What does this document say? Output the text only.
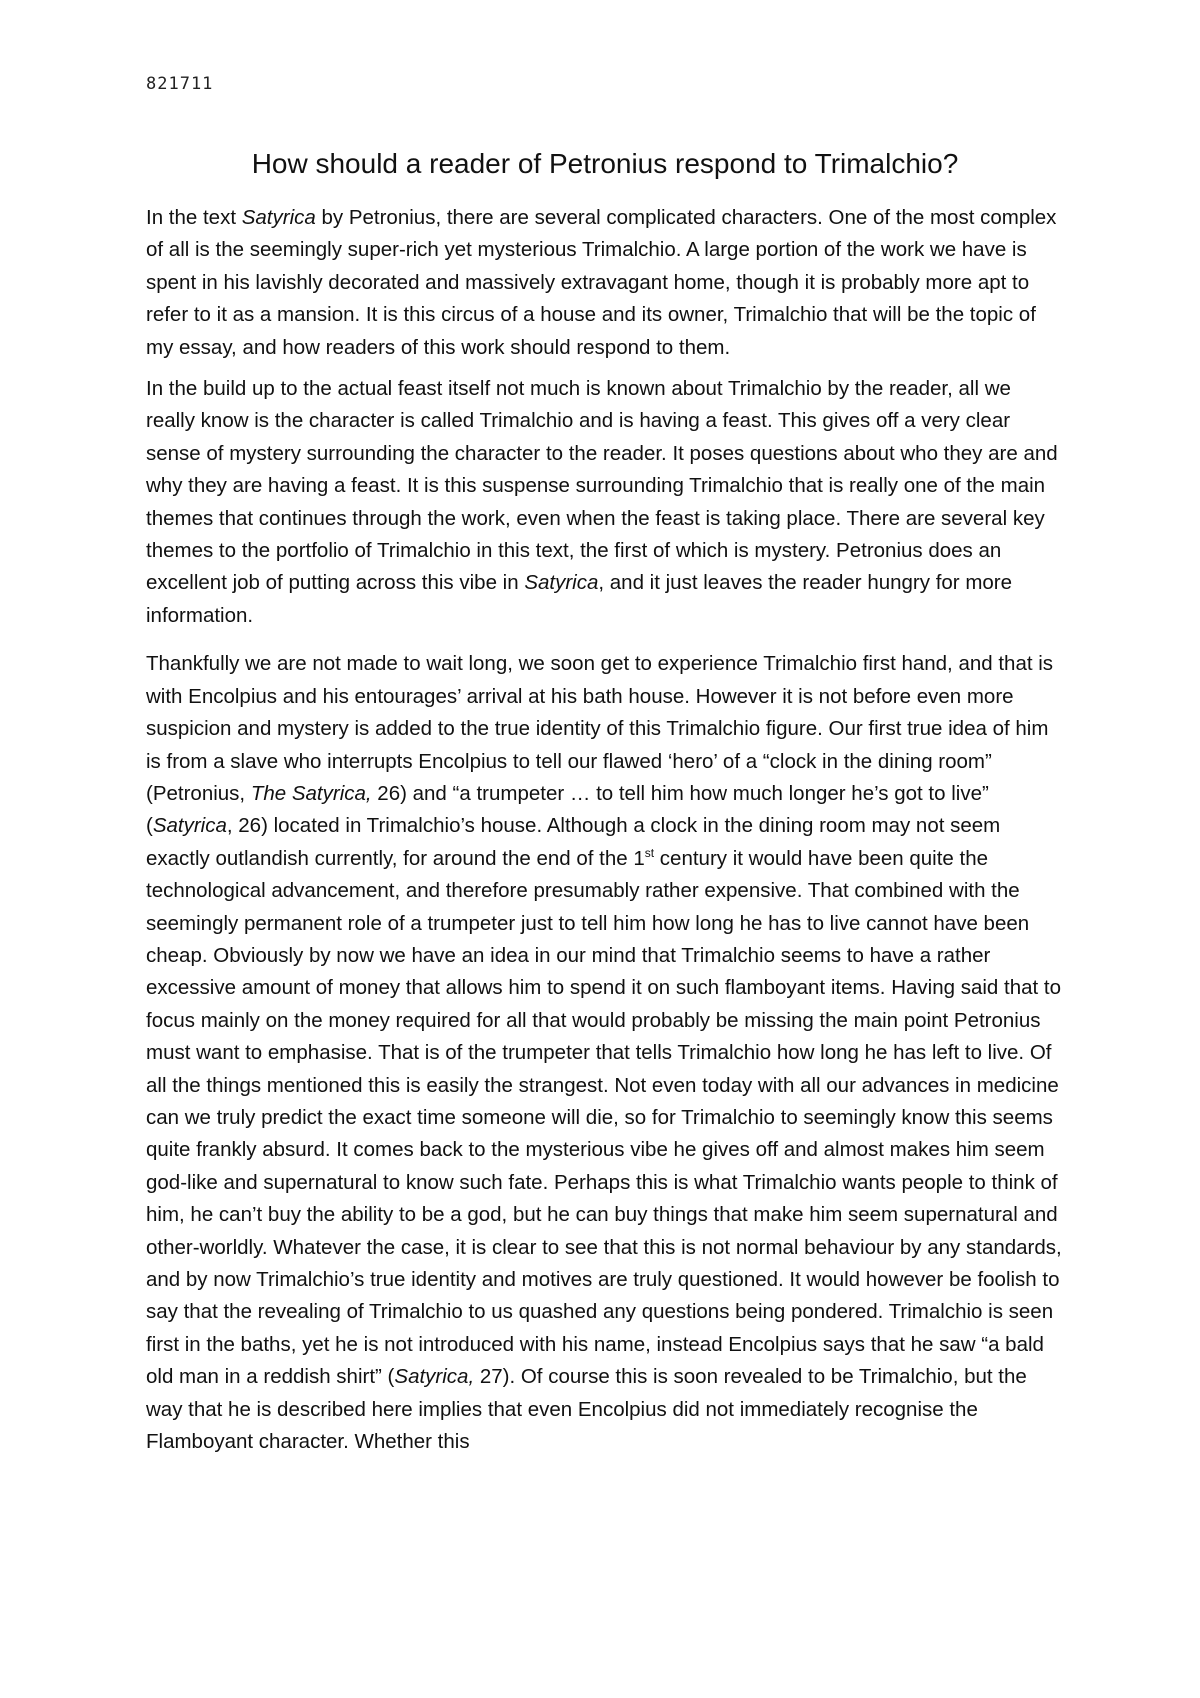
821711
How should a reader of Petronius respond to Trimalchio?

In the text Satyrica by Petronius, there are several complicated characters. One of the most complex of all is the seemingly super-rich yet mysterious Trimalchio. A large portion of the work we have is spent in his lavishly decorated and massively extravagant home, though it is probably more apt to refer to it as a mansion. It is this circus of a house and its owner, Trimalchio that will be the topic of my essay, and how readers of this work should respond to them.

In the build up to the actual feast itself not much is known about Trimalchio by the reader, all we really know is the character is called Trimalchio and is having a feast. This gives off a very clear sense of mystery surrounding the character to the reader. It poses questions about who they are and why they are having a feast. It is this suspense surrounding Trimalchio that is really one of the main themes that continues through the work, even when the feast is taking place. There are several key themes to the portfolio of Trimalchio in this text, the first of which is mystery. Petronius does an excellent job of putting across this vibe in Satyrica, and it just leaves the reader hungry for more information.

Thankfully we are not made to wait long, we soon get to experience Trimalchio first hand, and that is with Encolpius and his entourages’ arrival at his bath house. However it is not before even more suspicion and mystery is added to the true identity of this Trimalchio figure. Our first true idea of him is from a slave who interrupts Encolpius to tell our flawed ‘hero’ of a “clock in the dining room” (Petronius, The Satyrica, 26) and “a trumpeter … to tell him how much longer he’s got to live” (Satyrica, 26) located in Trimalchio’s house. Although a clock in the dining room may not seem exactly outlandish currently, for around the end of the 1st century it would have been quite the technological advancement, and therefore presumably rather expensive. That combined with the seemingly permanent role of a trumpeter just to tell him how long he has to live cannot have been cheap. Obviously by now we have an idea in our mind that Trimalchio seems to have a rather excessive amount of money that allows him to spend it on such flamboyant items. Having said that to focus mainly on the money required for all that would probably be missing the main point Petronius must want to emphasise. That is of the trumpeter that tells Trimalchio how long he has left to live. Of all the things mentioned this is easily the strangest. Not even today with all our advances in medicine can we truly predict the exact time someone will die, so for Trimalchio to seemingly know this seems quite frankly absurd. It comes back to the mysterious vibe he gives off and almost makes him seem god-like and supernatural to know such fate. Perhaps this is what Trimalchio wants people to think of him, he can’t buy the ability to be a god, but he can buy things that make him seem supernatural and other-worldly. Whatever the case, it is clear to see that this is not normal behaviour by any standards, and by now Trimalchio’s true identity and motives are truly questioned. It would however be foolish to say that the revealing of Trimalchio to us quashed any questions being pondered. Trimalchio is seen first in the baths, yet he is not introduced with his name, instead Encolpius says that he saw “a bald old man in a reddish shirt” (Satyrica, 27). Of course this is soon revealed to be Trimalchio, but the way that he is described here implies that even Encolpius did not immediately recognise the Flamboyant character. Whether this
